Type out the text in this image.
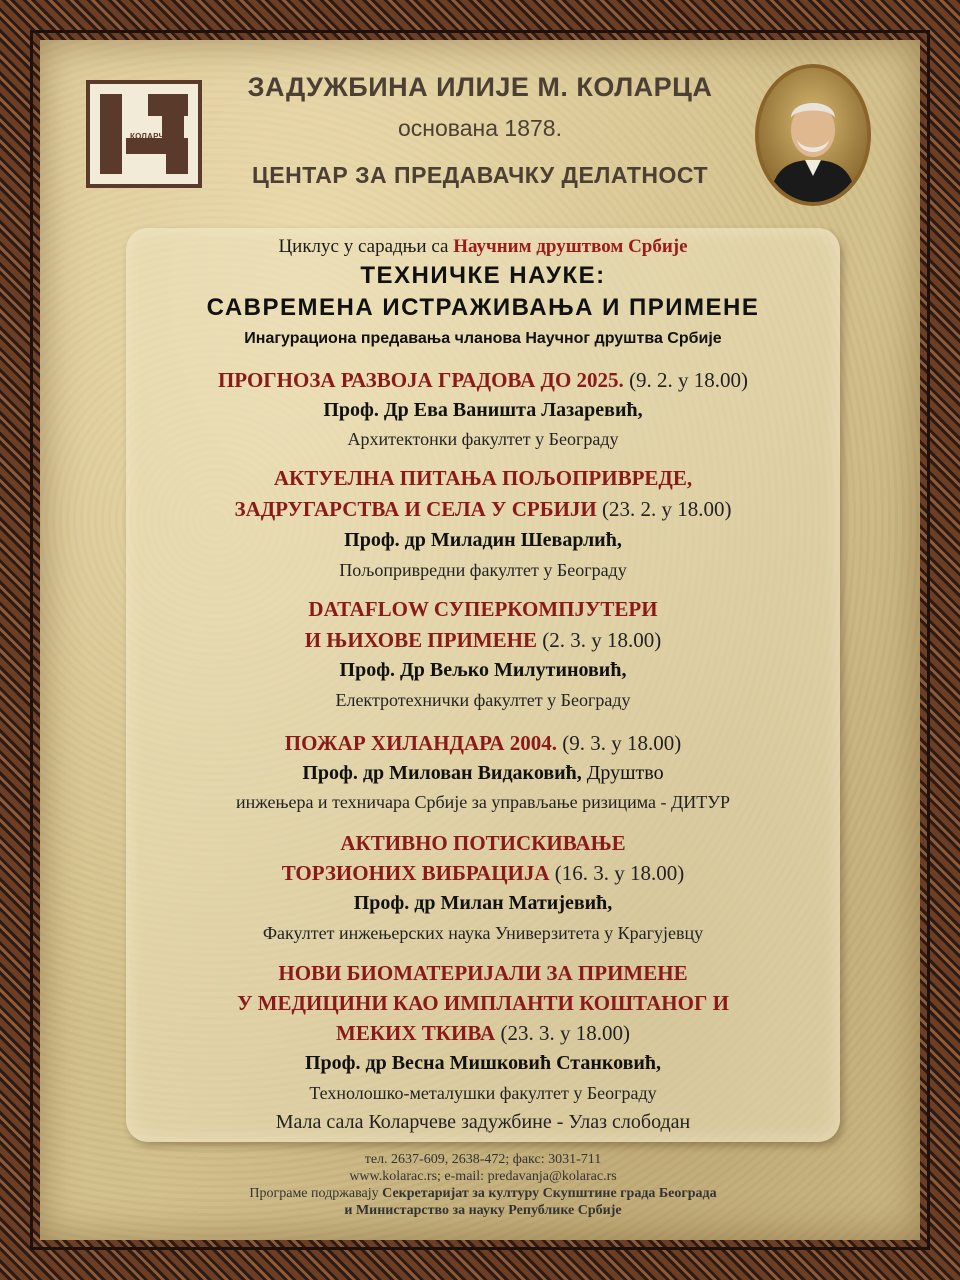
КОЛАРЧЕВА ЗАДУЖБИНА
ЗАДУЖБИНА ИЛИЈЕ М. КОЛАРЦА
основана 1878.
ЦЕНТАР ЗА ПРЕДАВАЧКУ ДЕЛАТНОСТ
Циклус у сарадњи са Научним друштвом Србије
ТЕХНИЧКЕ НАУКЕ:
САВРЕМЕНА ИСТРАЖИВАЊА И ПРИМЕНЕ
Инагурациона предавања чланова Научног друштва Србије
ПРОГНОЗА РАЗВОЈА ГРАДОВА ДО 2025. (9. 2. у 18.00)
Проф. Др Ева Ваништа Лазаревић,
Архитектонки факултет у Београду
АКТУЕЛНА ПИТАЊА ПОЉОПРИВРЕДЕ,
ЗАДРУГАРСТВА И СЕЛА У СРБИЈИ (23. 2. у 18.00)
Проф. др Миладин Шеварлић,
Пољопривредни факултет у Београду
DATAFLOW СУПЕРКОМПЈУТЕРИ
И ЊИХОВЕ ПРИМЕНЕ (2. 3. у 18.00)
Проф. Др Вељко Милутиновић,
Електротехнички факултет у Београду
ПОЖАР ХИЛАНДАРА 2004. (9. 3. у 18.00)
Проф. др Милован Видаковић, Друштво
инжењера и техничара Србије за управљање ризицима - ДИТУР
АКТИВНО ПОТИСКИВАЊЕ
ТОРЗИОНИХ ВИБРАЦИЈА (16. 3. у 18.00)
Проф. др Милан Матијевић,
Факултет инжењерских наука Универзитета у Крагујевцу
НОВИ БИОМАТЕРИЈАЛИ ЗА ПРИМЕНЕ
У МЕДИЦИНИ КАО ИМПЛАНТИ КОШТАНОГ И
МЕКИХ ТКИВА (23. 3. у 18.00)
Проф. др Весна Мишковић Станковић,
Технолошко-металушки факултет у Београду
Мала сала Коларчеве задужбине - Улаз слободан
тел. 2637-609, 2638-472; факс: 3031-711
www.kolarac.rs; e-mail: predavanja@kolarac.rs
Програме подржавају Секретаријат за културу Скупштине града Београда
и Министарство за науку Републике Србије
